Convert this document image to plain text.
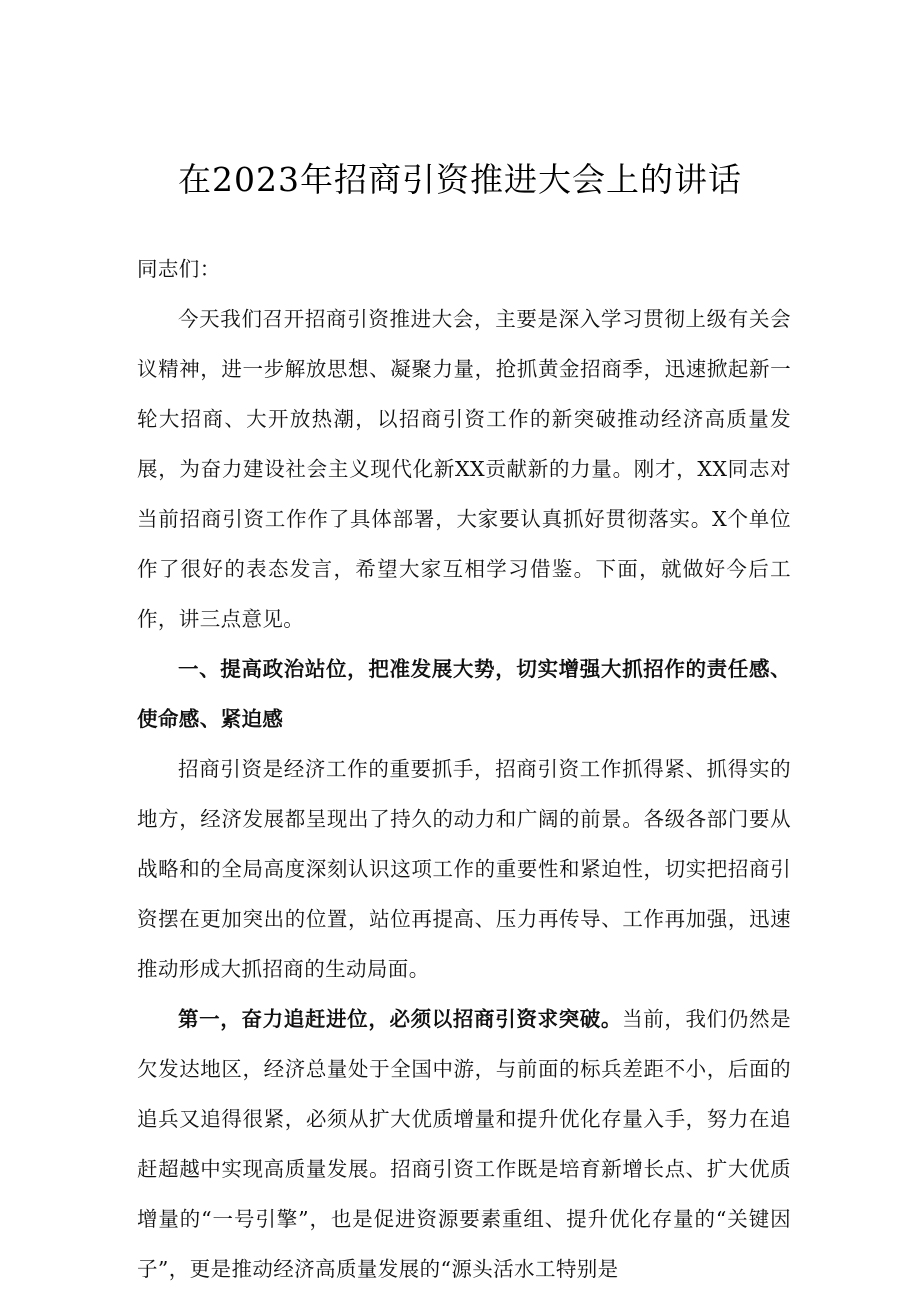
在2023年招商引资推进大会上的讲话

同志们：

今天我们召开招商引资推进大会，主要是深入学习贯彻上级有关会议精神，进一步解放思想、凝聚力量，抢抓黄金招商季，迅速掀起新一轮大招商、大开放热潮，以招商引资工作的新突破推动经济高质量发展，为奋力建设社会主义现代化新XX贡献新的力量。刚才，XX同志对当前招商引资工作作了具体部署，大家要认真抓好贯彻落实。X个单位作了很好的表态发言，希望大家互相学习借鉴。下面，就做好今后工作，讲三点意见。

一、提高政治站位，把准发展大势，切实增强大抓招作的责任感、使命感、紧迫感

招商引资是经济工作的重要抓手，招商引资工作抓得紧、抓得实的地方，经济发展都呈现出了持久的动力和广阔的前景。各级各部门要从战略和的全局高度深刻认识这项工作的重要性和紧迫性，切实把招商引资摆在更加突出的位置，站位再提高、压力再传导、工作再加强，迅速推动形成大抓招商的生动局面。

第一，奋力追赶进位，必须以招商引资求突破。当前，我们仍然是欠发达地区，经济总量处于全国中游，与前面的标兵差距不小，后面的追兵又追得很紧，必须从扩大优质增量和提升优化存量入手，努力在追赶超越中实现高质量发展。招商引资工作既是培育新增长点、扩大优质增量的“一号引擎”，也是促进资源要素重组、提升优化存量的“关键因子”，更是推动经济高质量发展的“源头活水工特别是
